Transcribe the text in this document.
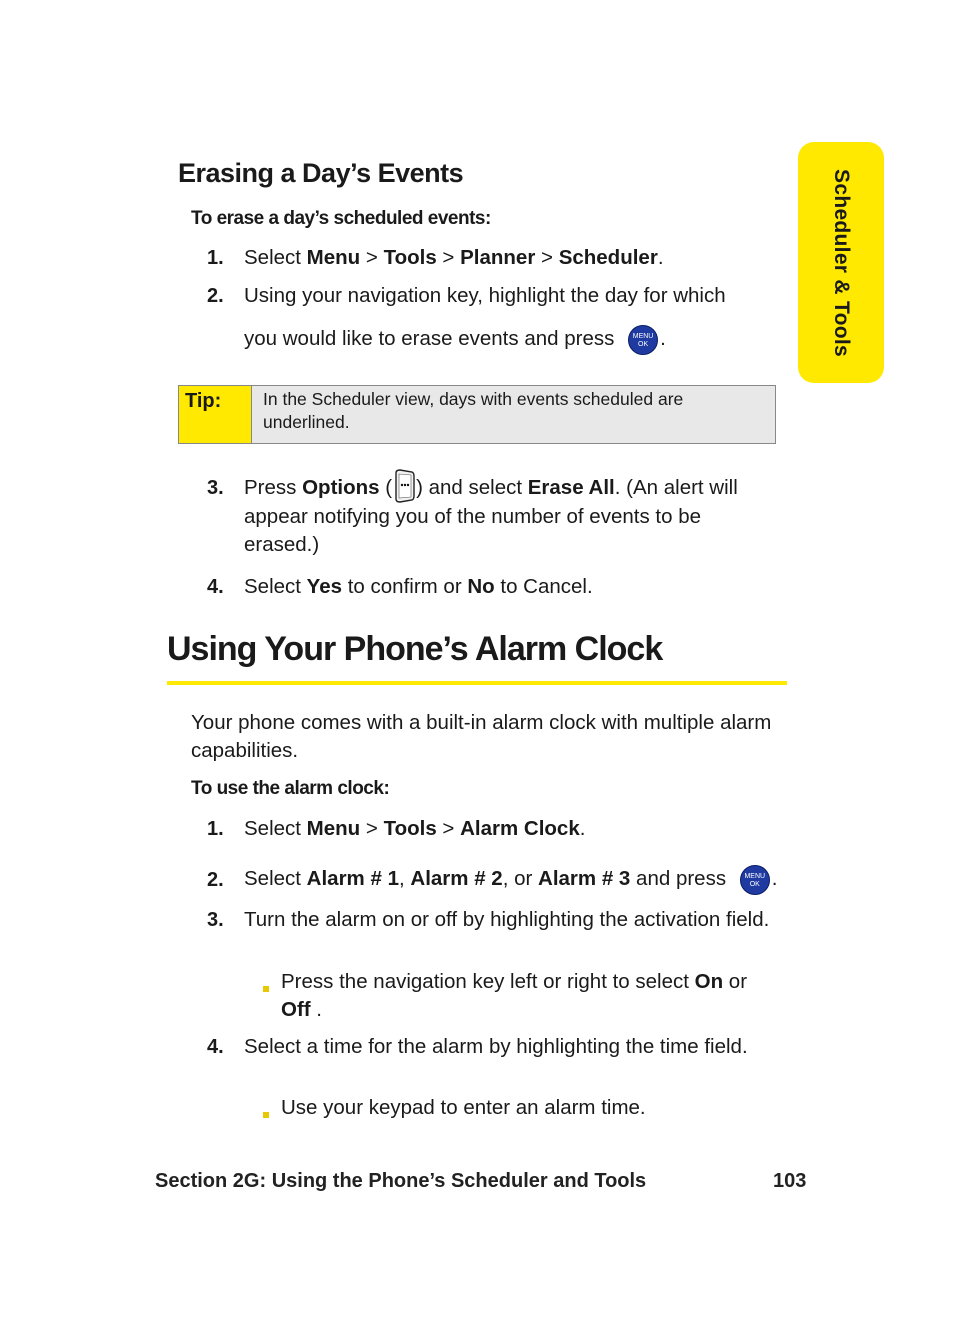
Scheduler & Tools
Erasing a Day’s Events
To erase a day’s scheduled events:
1. Select Menu > Tools > Planner > Scheduler.
2. Using your navigation key, highlight the day for which
you would like to erase events and press	MENU
OK .
Tip: In the Scheduler view, days with events scheduled are underlined.
3. Press Options ( ) and select Erase All. (An alert will appear notifying you of the number of events to be erased.)
4. Select Yes to confirm or No to Cancel.
Using Your Phone’s Alarm Clock
Your phone comes with a built-in alarm clock with multiple alarm capabilities.
To use the alarm clock:
1. Select Menu > Tools > Alarm Clock.
2. Select Alarm # 1, Alarm # 2, or Alarm # 3 and press	MENU
OK .
3. Turn the alarm on or off by highlighting the activation field.
Press the navigation key left or right to select On or Off .
4. Select a time for the alarm by highlighting the time field.
Use your keypad to enter an alarm time.
Section 2G: Using the Phone’s Scheduler and Tools	103
